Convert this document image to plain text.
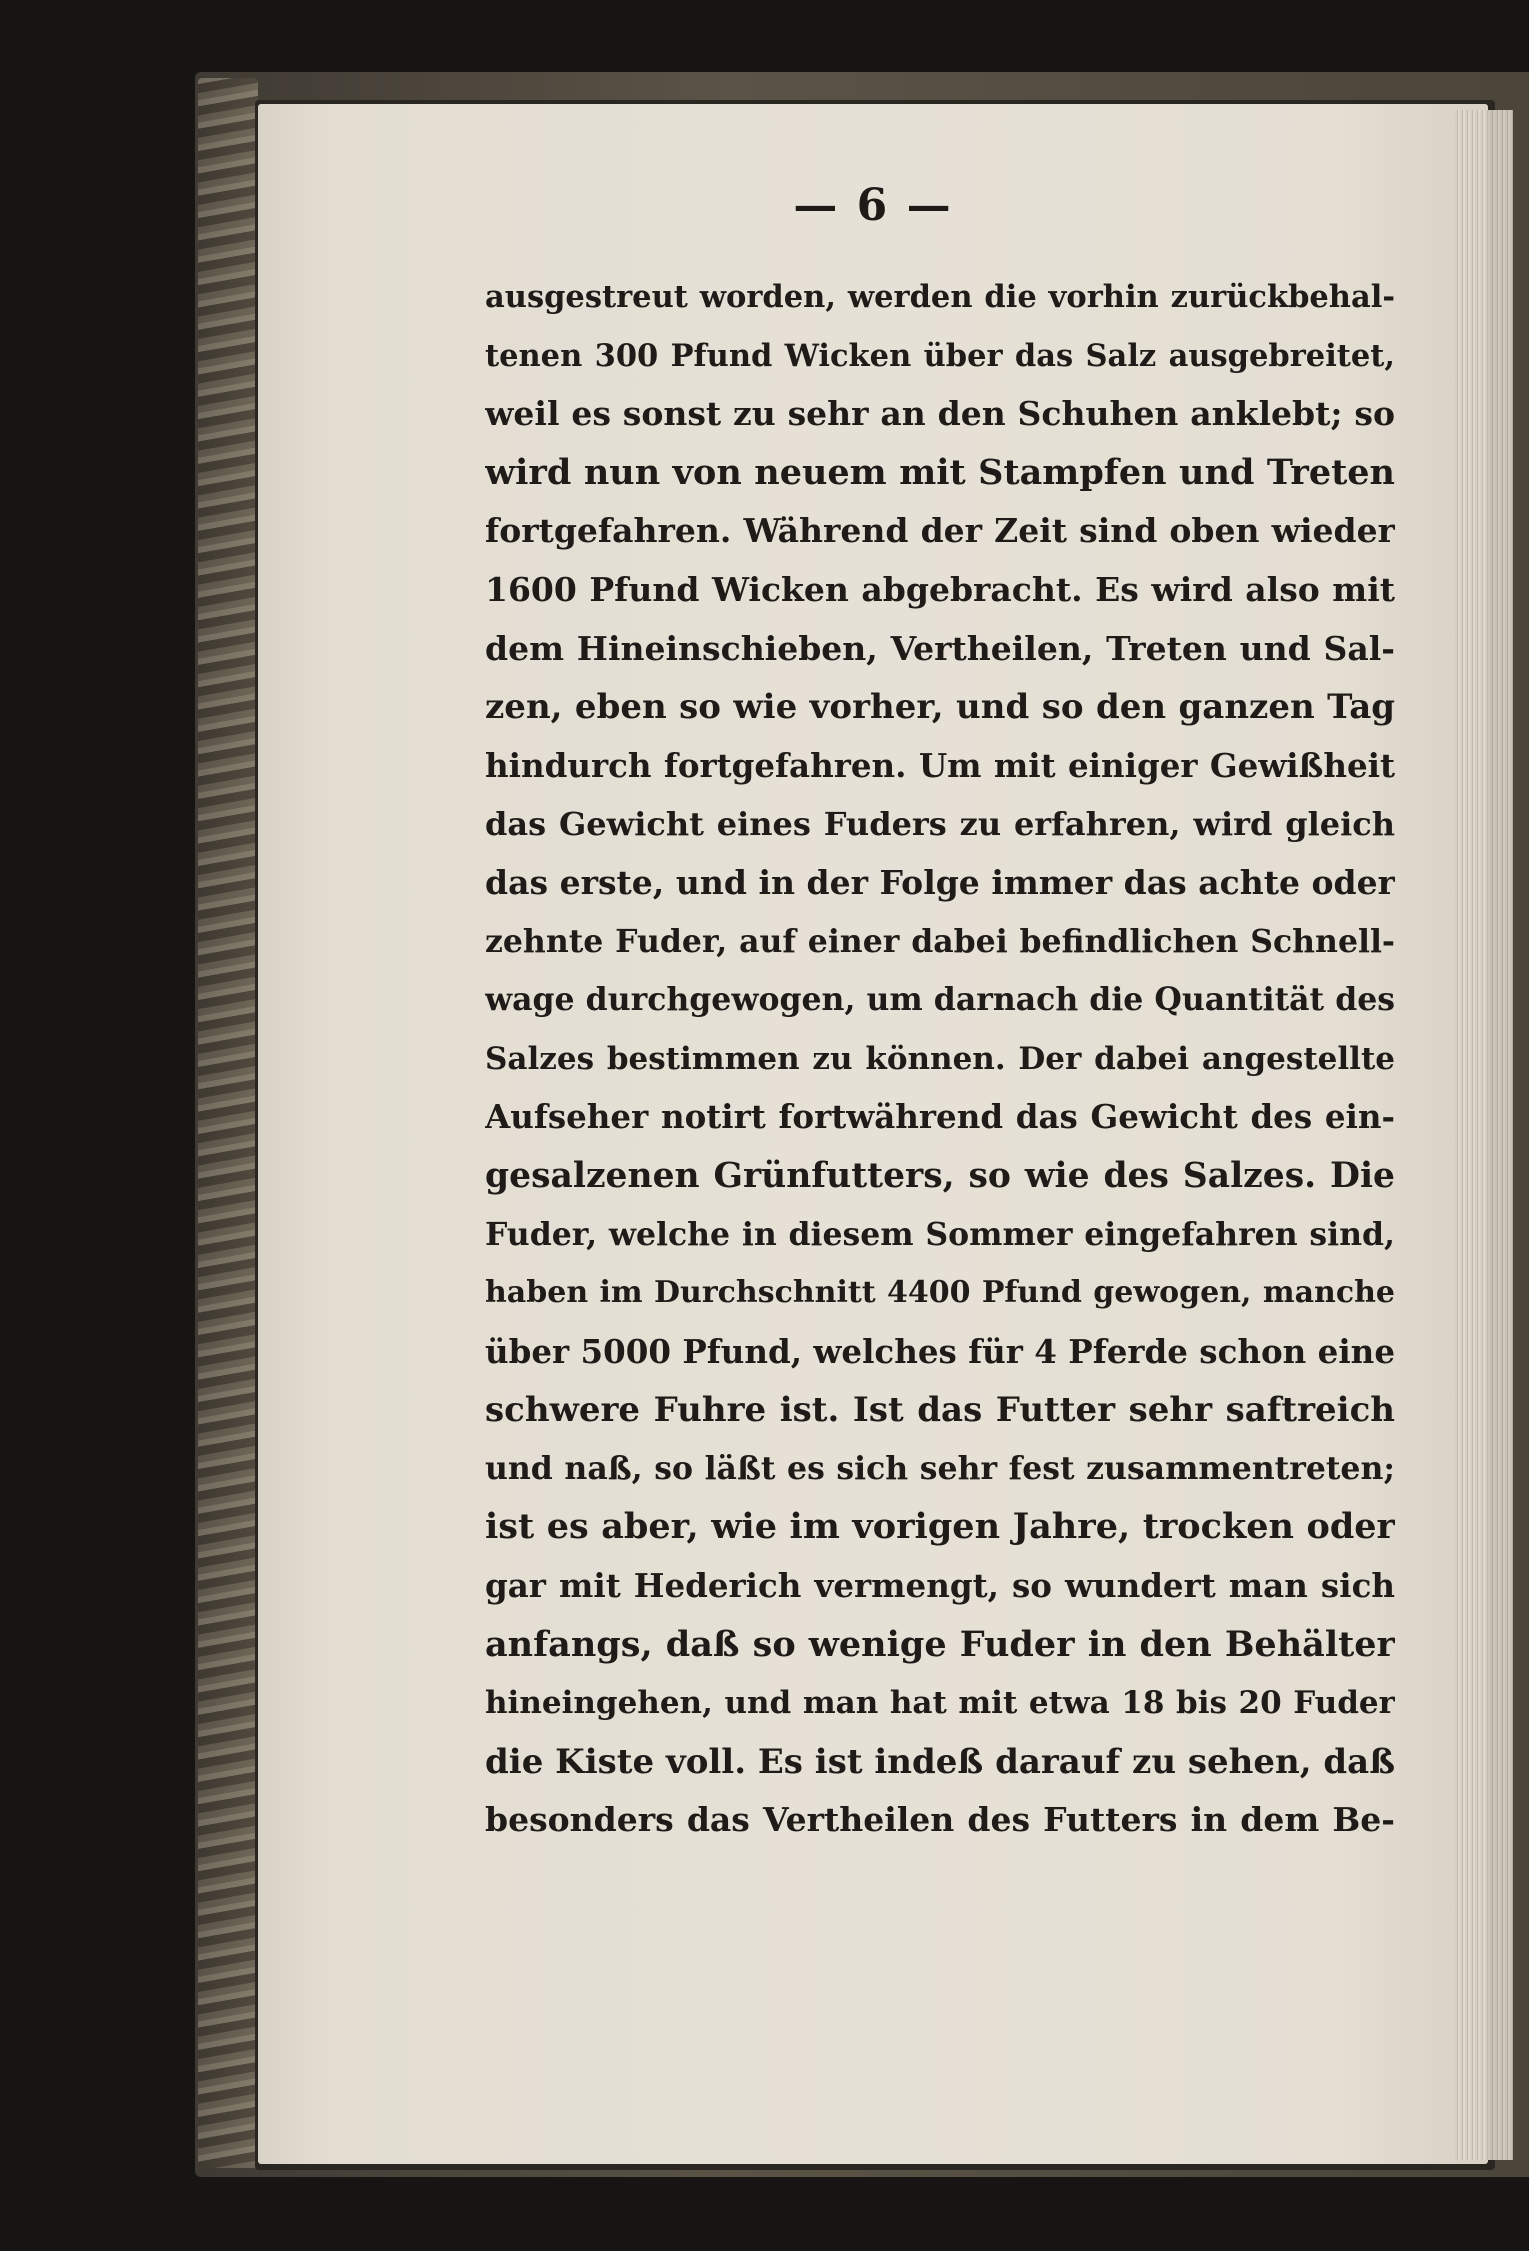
— 6 —
ausgestreut worden, werden die vorhin zurückbehal-
tenen 300 Pfund Wicken über das Salz ausgebreitet,
weil es sonst zu sehr an den Schuhen anklebt; so
wird nun von neuem mit Stampfen und Treten
fortgefahren. Während der Zeit sind oben wieder
1600 Pfund Wicken abgebracht. Es wird also mit
dem Hineinschieben, Vertheilen, Treten und Sal-
zen, eben so wie vorher, und so den ganzen Tag
hindurch fortgefahren. Um mit einiger Gewißheit
das Gewicht eines Fuders zu erfahren, wird gleich
das erste, und in der Folge immer das achte oder
zehnte Fuder, auf einer dabei befindlichen Schnell-
wage durchgewogen, um darnach die Quantität des
Salzes bestimmen zu können. Der dabei angestellte
Aufseher notirt fortwährend das Gewicht des ein-
gesalzenen Grünfutters, so wie des Salzes. Die
Fuder, welche in diesem Sommer eingefahren sind,
haben im Durchschnitt 4400 Pfund gewogen, manche
über 5000 Pfund, welches für 4 Pferde schon eine
schwere Fuhre ist. Ist das Futter sehr saftreich
und naß, so läßt es sich sehr fest zusammentreten;
ist es aber, wie im vorigen Jahre, trocken oder
gar mit Hederich vermengt, so wundert man sich
anfangs, daß so wenige Fuder in den Behälter
hineingehen, und man hat mit etwa 18 bis 20 Fuder
die Kiste voll. Es ist indeß darauf zu sehen, daß
besonders das Vertheilen des Futters in dem Be-
